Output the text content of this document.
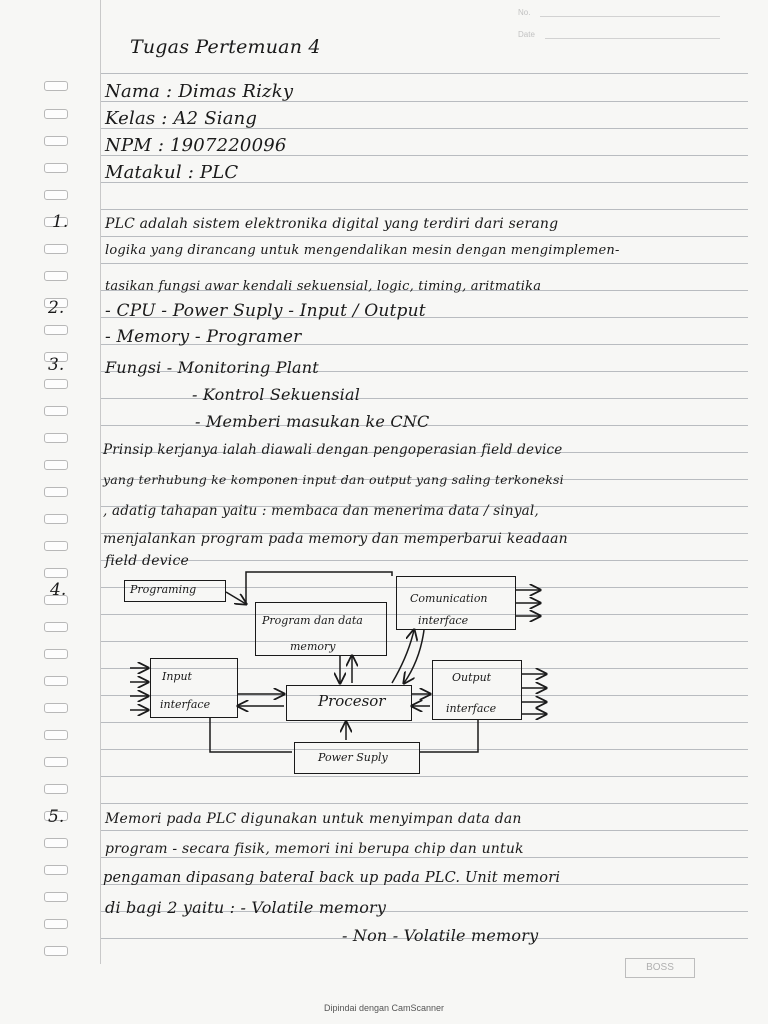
No.
Date
Tugas Pertemuan 4
Nama : Dimas Rizky
Kelas : A2 Siang
NPM : 1907220096
Matakul : PLC
1.	PLC adalah sistem elektronika digital yang terdiri dari serang
logika yang dirancang untuk mengendalikan mesin dengan mengimplemen-
tasikan fungsi awar kendali sekuensial, logic, timing, aritmatika
2. - CPU - Power Suply - Input / Output
- Memory - Programer
3.	Fungsi - Monitoring Plant
- Kontrol Sekuensial
- Memberi masukan ke CNC
Prinsip kerjanya ialah diawali dengan pengoperasian field device
yang terhubung ke komponen input dan output yang saling terkoneksi
, adatig tahapan yaitu : membaca dan menerima data / sinyal,
menjalankan program pada memory dan memperbarui keadaan
field device
4.	Programing
Program dan data
memory
Comunication
interface
Input
interface	Procesor
Output
interface
Power Suply
5.	Memori pada PLC digunakan untuk menyimpan data dan
program - secara fisik, memori ini berupa chip dan untuk
pengaman dipasang bateraI back up pada PLC. Unit memori
di bagi 2 yaitu : - Volatile memory
- Non - Volatile memory
BOSS
Dipindai dengan CamScanner
